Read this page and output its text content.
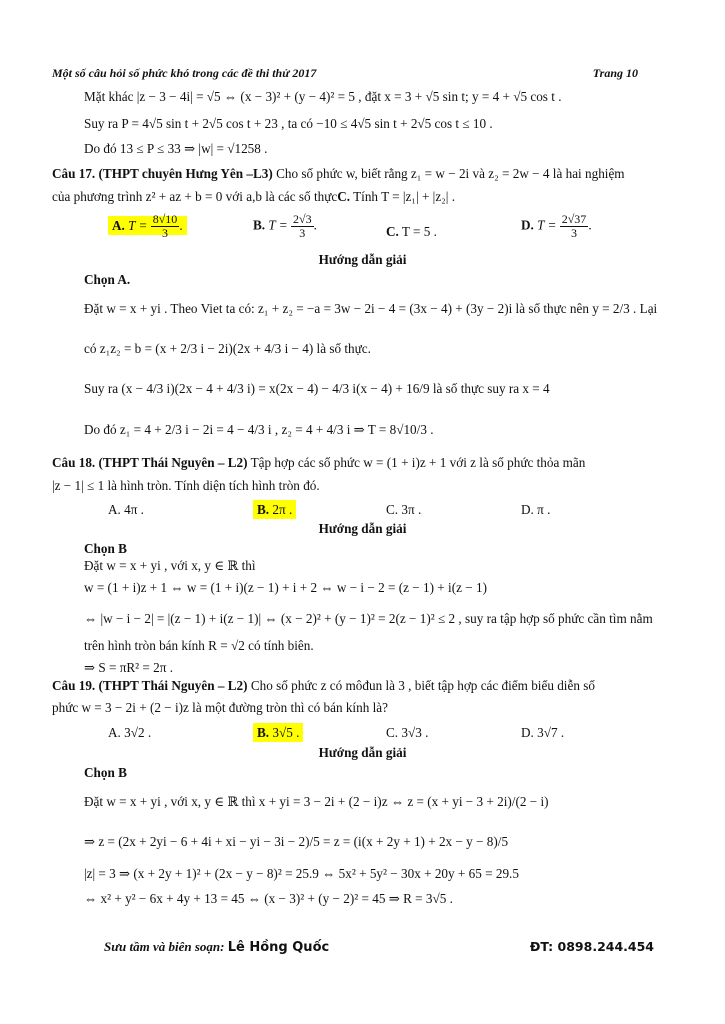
Một số câu hỏi số phức khó trong các đề thi thử 2017	Trang 10
Mặt khác |z − 3 − 4i| = √5 ⇔ (x − 3)² + (y − 4)² = 5 , đặt x = 3 + √5 sin t; y = 4 + √5 cos t .
Suy ra P = 4√5 sin t + 2√5 cos t + 23 , ta có −10 ≤ 4√5 sin t + 2√5 cos t ≤ 10 .
Do đó 13 ≤ P ≤ 33 ⇒ |w| = √1258 .
Câu 17. (THPT chuyên Hưng Yên –L3) Cho số phức w, biết rằng z₁ = w − 2i và z₂ = 2w − 4 là hai nghiệm
của phương trình z² + az + b = 0 với a,b là các số thựcC. Tính T = |z₁| + |z₂| .
A. $T = \frac{8√10}{3}$ .	B. $T = \frac{2√3}{3}$ .	C. T = 5 .	D. $T = \frac{2√37}{3}$ .
Hướng dẫn giải
Chọn A.
Đặt w = x + yi . Theo Viet ta có: z₁ + z₂ = −a = 3w − 2i − 4 = (3x − 4) + (3y − 2)i là số thực nên y = 2/3 . Lại
có z₁z₂ = b = (x + 2/3 i − 2i)(2x + 4/3 i − 4) là số thực.
Suy ra (x − 4/3 i)(2x − 4 + 4/3 i) = x(2x − 4) − 4/3 i(x − 4) + 16/9 là số thực suy ra x = 4
Do đó z₁ = 4 + 2/3 i − 2i = 4 − 4/3 i , z₂ = 4 + 4/3 i ⇒ T = 8√10/3 .
Câu 18. (THPT Thái Nguyên – L2) Tập hợp các số phức w = (1 + i)z + 1 với z là số phức thỏa mãn
|z − 1| ≤ 1 là hình tròn. Tính diện tích hình tròn đó.
A. 4π .	B. 2π .	C. 3π .	D. π .
Hướng dẫn giải
Chọn B
Đặt w = x + yi , với x, y ∈ ℝ thì
w = (1 + i)z + 1 ⇔ w = (1 + i)(z − 1) + i + 2 ⇔ w − i − 2 = (z − 1) + i(z − 1)
⇔ |w − i − 2| = |(z − 1) + i(z − 1)| ⇔ (x − 2)² + (y − 1)² = 2(z − 1)² ≤ 2 , suy ra tập hợp số phức cần tìm nằm
trên hình tròn bán kính R = √2 có tính biên.
⇒ S = πR² = 2π .
Câu 19. (THPT Thái Nguyên – L2) Cho số phức z có môđun là 3 , biết tập hợp các điểm biểu diễn số
phức w = 3 − 2i + (2 − i)z là một đường tròn thì có bán kính là?
A. 3√2 .	B. 3√5 .	C. 3√3 .	D. 3√7 .
Hướng dẫn giải
Chọn B
Đặt w = x + yi , với x, y ∈ ℝ thì x + yi = 3 − 2i + (2 − i)z ⇔ z = (x + yi − 3 + 2i)/(2 − i)
⇒ z = (2x + 2yi − 6 + 4i + xi − yi − 3i − 2)/5 = z = (i(x + 2y + 1) + 2x − y − 8)/5
|z| = 3 ⇒ (x + 2y + 1)² + (2x − y − 8)² = 25.9 ⇔ 5x² + 5y² − 30x + 20y + 65 = 29.5
⇔ x² + y² − 6x + 4y + 13 = 45 ⇔ (x − 3)² + (y − 2)² = 45 ⇒ R = 3√5 .
Sưu tầm và biên soạn: Lê Hồng Quốc	ĐT: 0898.244.454
